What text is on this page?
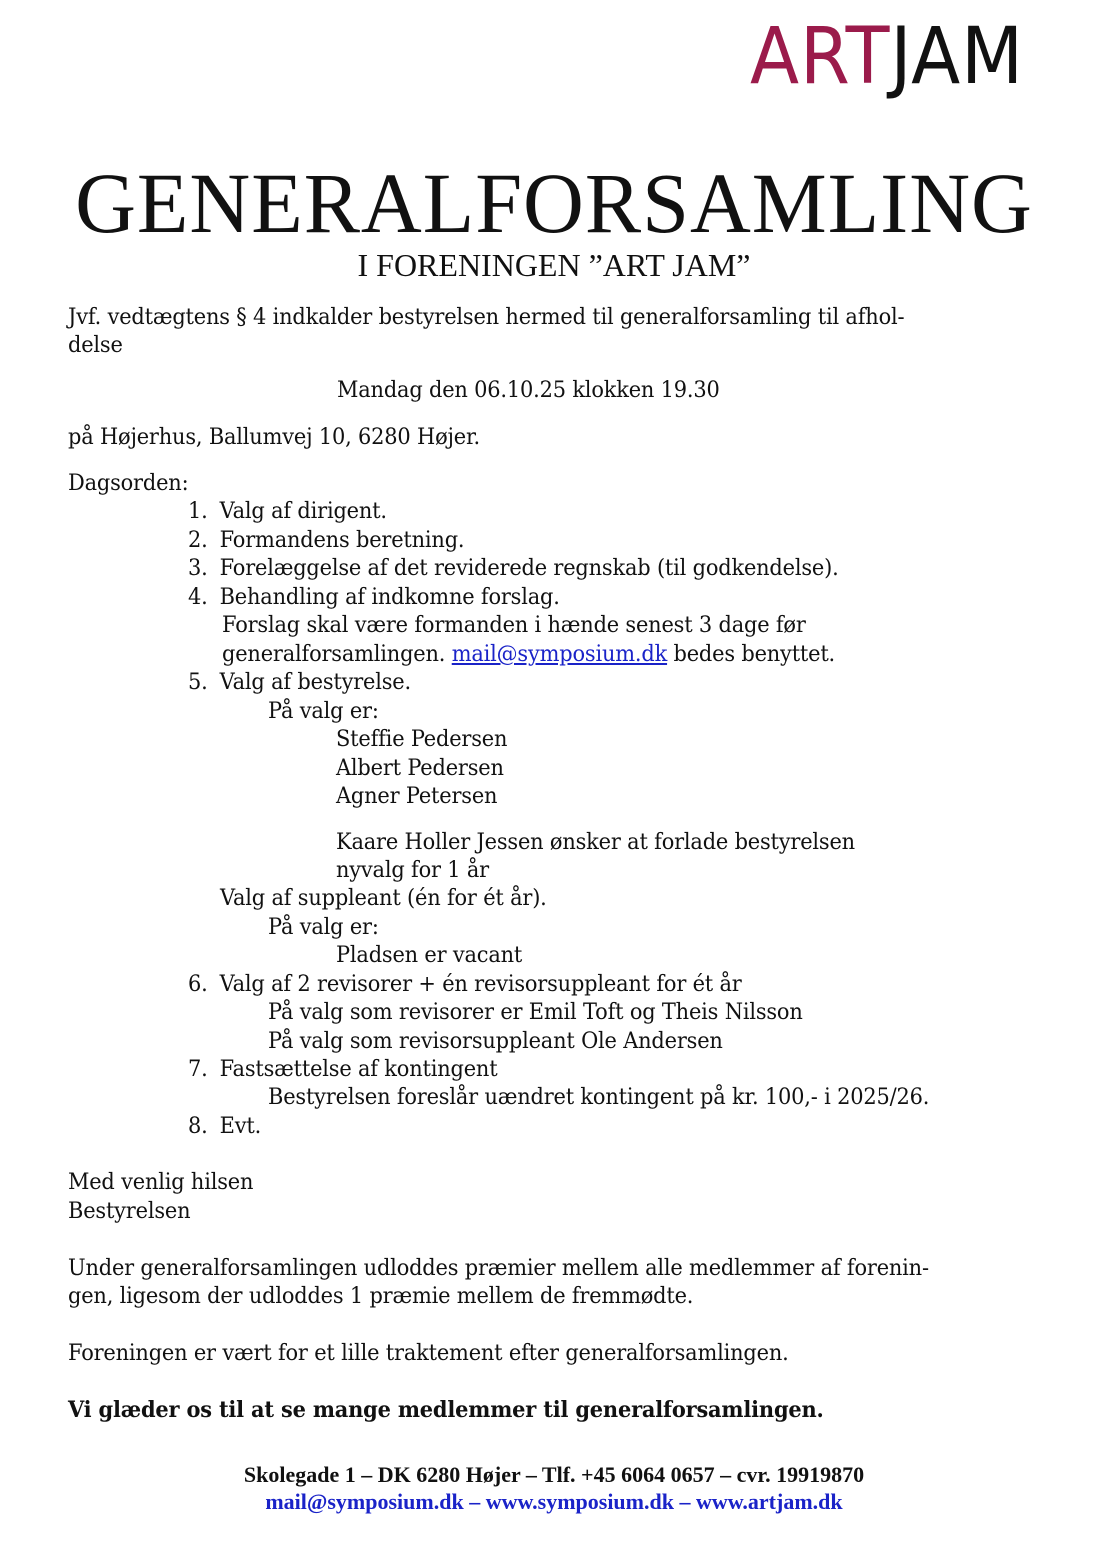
ARTJAM
GENERALFORSAMLING
I FORENINGEN ”ART JAM”
Jvf. vedtægtens § 4 indkalder bestyrelsen hermed til generalforsamling til afhol-
delse
Mandag den 06.10.25 klokken 19.30
på Højerhus, Ballumvej 10, 6280 Højer.
Dagsorden:
1. Valg af dirigent.
2. Formandens beretning.
3. Forelæggelse af det reviderede regnskab (til godkendelse).
4. Behandling af indkomne forslag.
Forslag skal være formanden i hænde senest 3 dage før
generalforsamlingen. mail@symposium.dk bedes benyttet.
5. Valg af bestyrelse.
På valg er:
Steffie Pedersen
Albert Pedersen
Agner Petersen
Kaare Holler Jessen ønsker at forlade bestyrelsen
nyvalg for 1 år
Valg af suppleant (én for ét år).
På valg er:
Pladsen er vacant
6. Valg af 2 revisorer + én revisorsuppleant for ét år
På valg som revisorer er Emil Toft og Theis Nilsson
På valg som revisorsuppleant Ole Andersen
7. Fastsættelse af kontingent
Bestyrelsen foreslår uændret kontingent på kr. 100,- i 2025/26.
8. Evt.
Med venlig hilsen
Bestyrelsen
Under generalforsamlingen udloddes præmier mellem alle medlemmer af forenin-
gen, ligesom der udloddes 1 præmie mellem de fremmødte.
Foreningen er vært for et lille traktement efter generalforsamlingen.
Vi glæder os til at se mange medlemmer til generalforsamlingen.
Skolegade 1 – DK 6280 Højer – Tlf. +45 6064 0657 – cvr. 19919870
mail@symposium.dk – www.symposium.dk – www.artjam.dk
